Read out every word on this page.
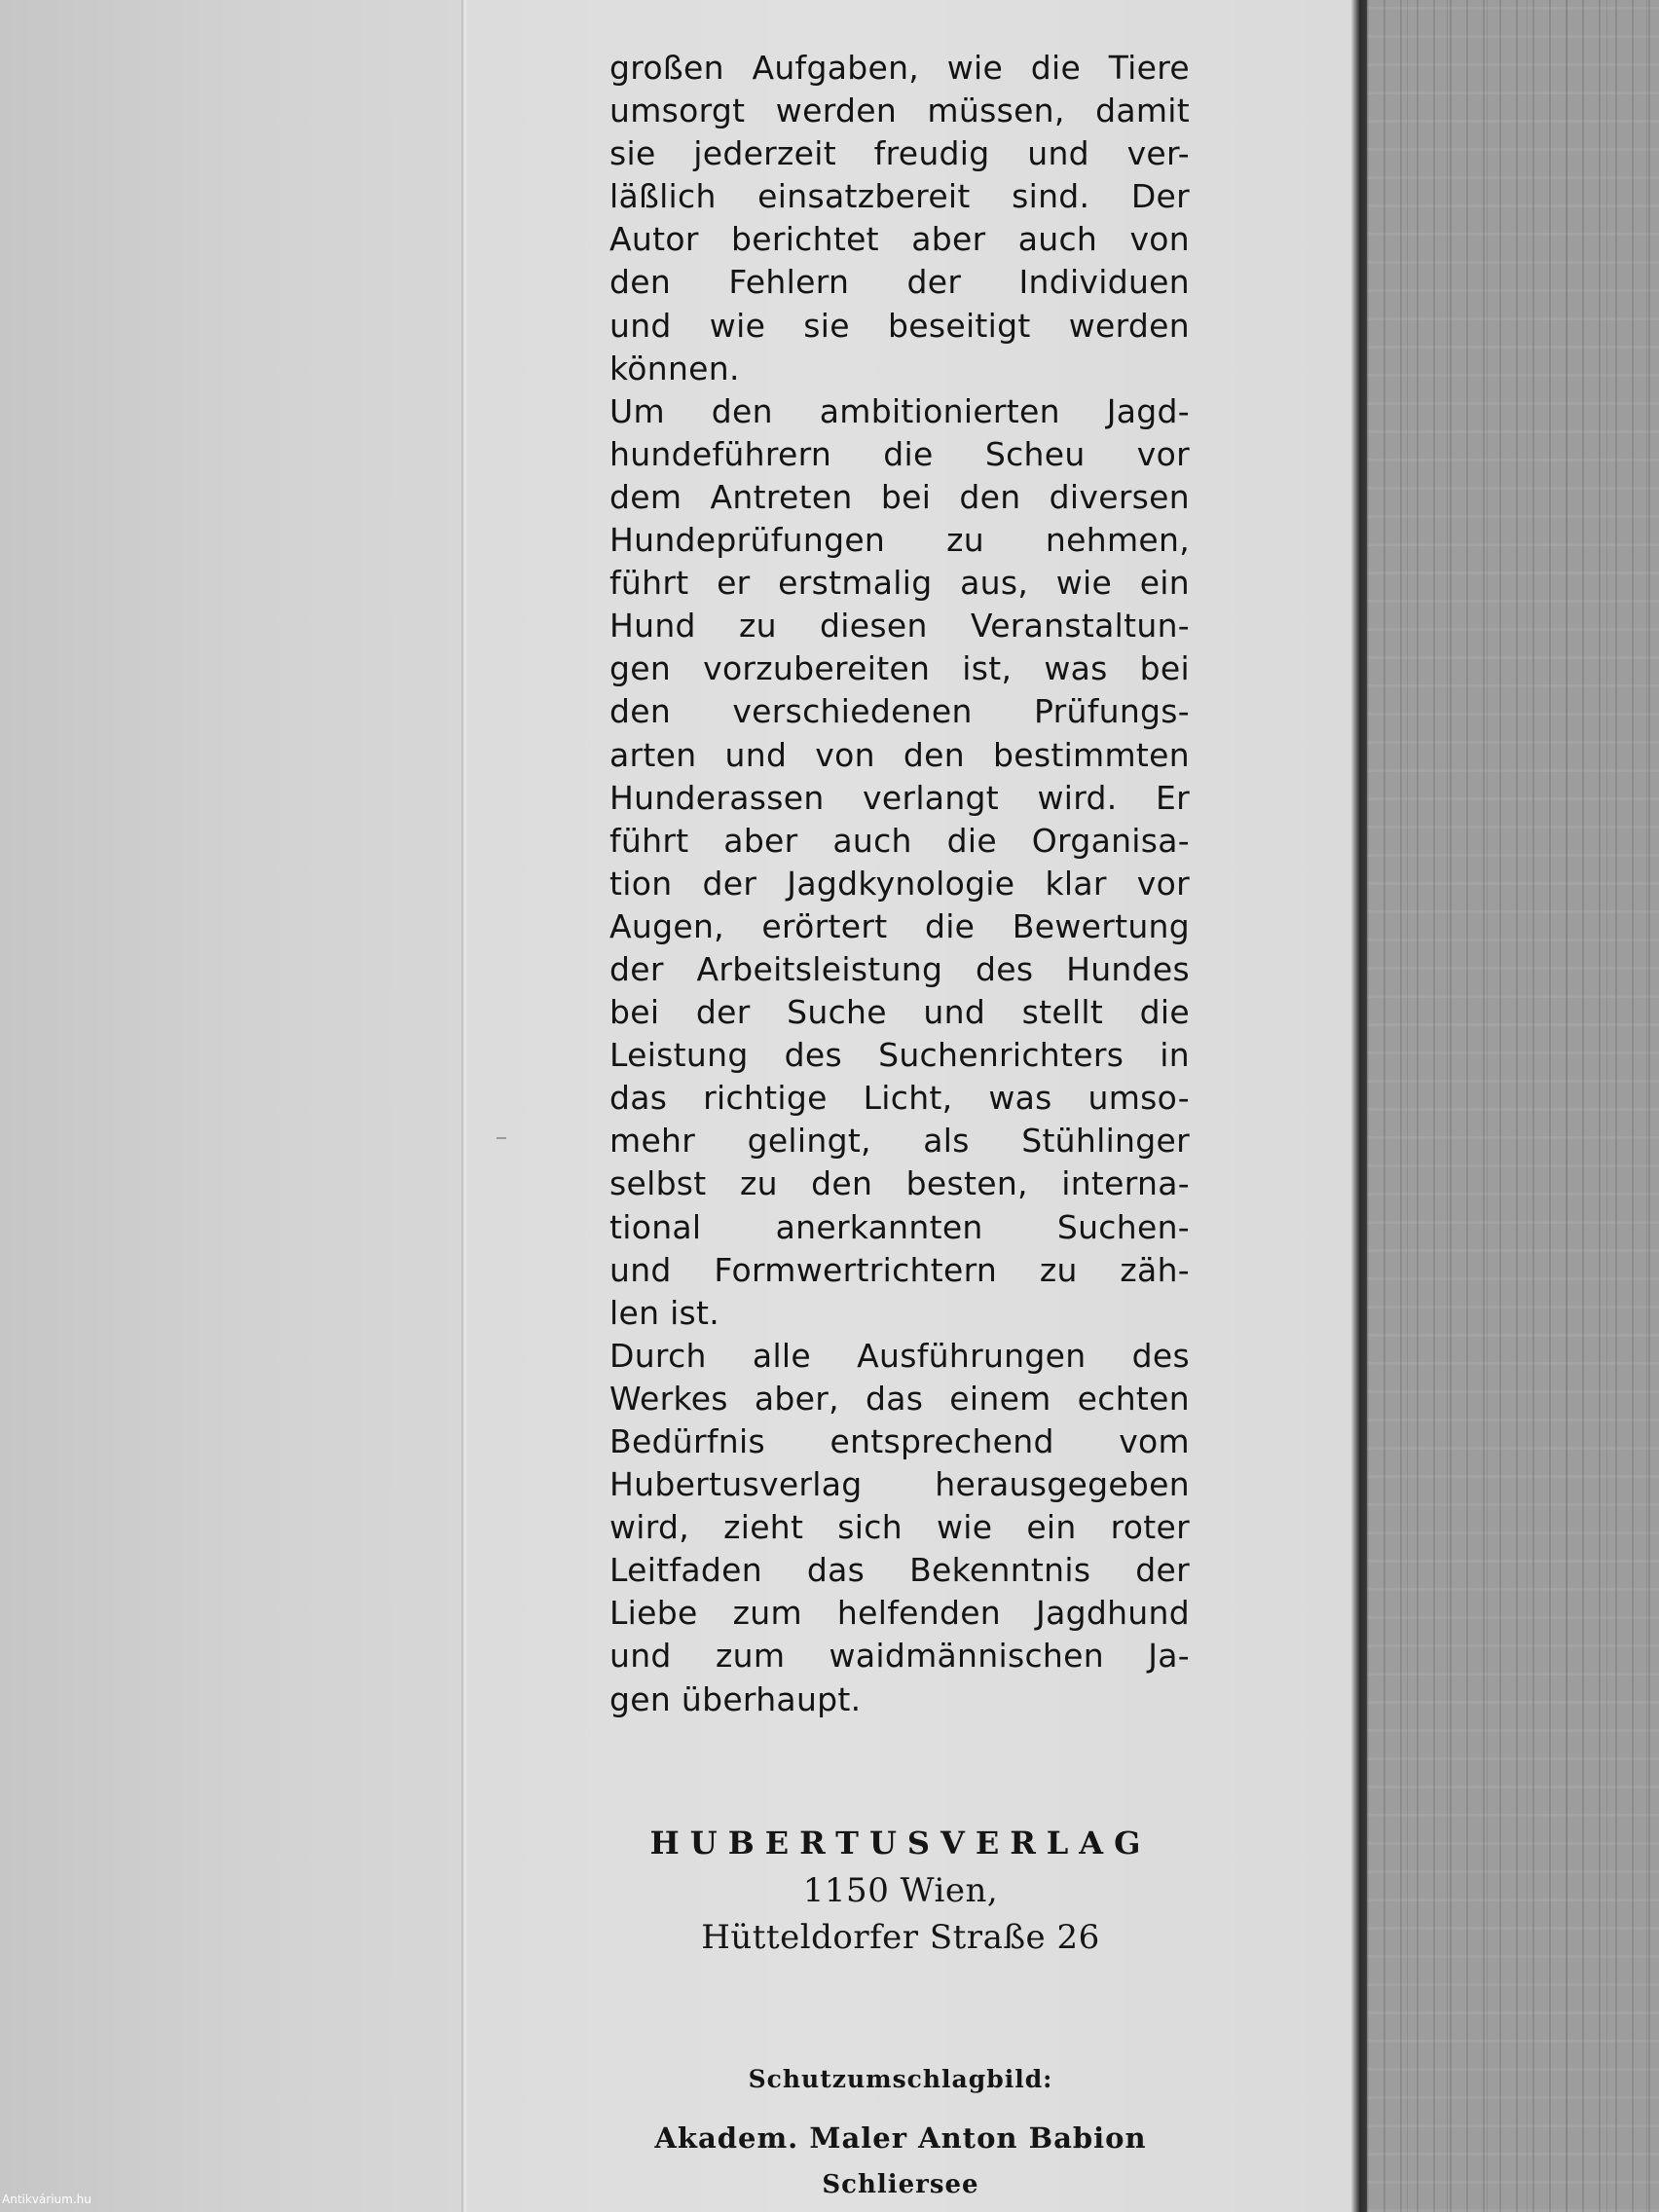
großen Aufgaben, wie die Tiere
umsorgt werden müssen, damit
sie jederzeit freudig und ver-
läßlich einsatzbereit sind. Der
Autor berichtet aber auch von
den Fehlern der Individuen
und wie sie beseitigt werden
können.
Um den ambitionierten Jagd-
hundeführern die Scheu vor
dem Antreten bei den diversen
Hundeprüfungen zu nehmen,
führt er erstmalig aus, wie ein
Hund zu diesen Veranstaltun-
gen vorzubereiten ist, was bei
den verschiedenen Prüfungs-
arten und von den bestimmten
Hunderassen verlangt wird. Er
führt aber auch die Organisa-
tion der Jagdkynologie klar vor
Augen, erörtert die Bewertung
der Arbeitsleistung des Hundes
bei der Suche und stellt die
Leistung des Suchenrichters in
das richtige Licht, was umso-
mehr gelingt, als Stühlinger
selbst zu den besten, interna-
tional anerkannten Suchen-
und Formwertrichtern zu zäh-
len ist.
Durch alle Ausführungen des
Werkes aber, das einem echten
Bedürfnis entsprechend vom
Hubertusverlag herausgegeben
wird, zieht sich wie ein roter
Leitfaden das Bekenntnis der
Liebe zum helfenden Jagdhund
und zum waidmännischen Ja-
gen überhaupt.
HUBERTUSVERLAG
1150 Wien,
Hütteldorfer Straße 26
Schutzumschlagbild:
Akadem. Maler Anton Babion
Schliersee
Antikvárium.hu
